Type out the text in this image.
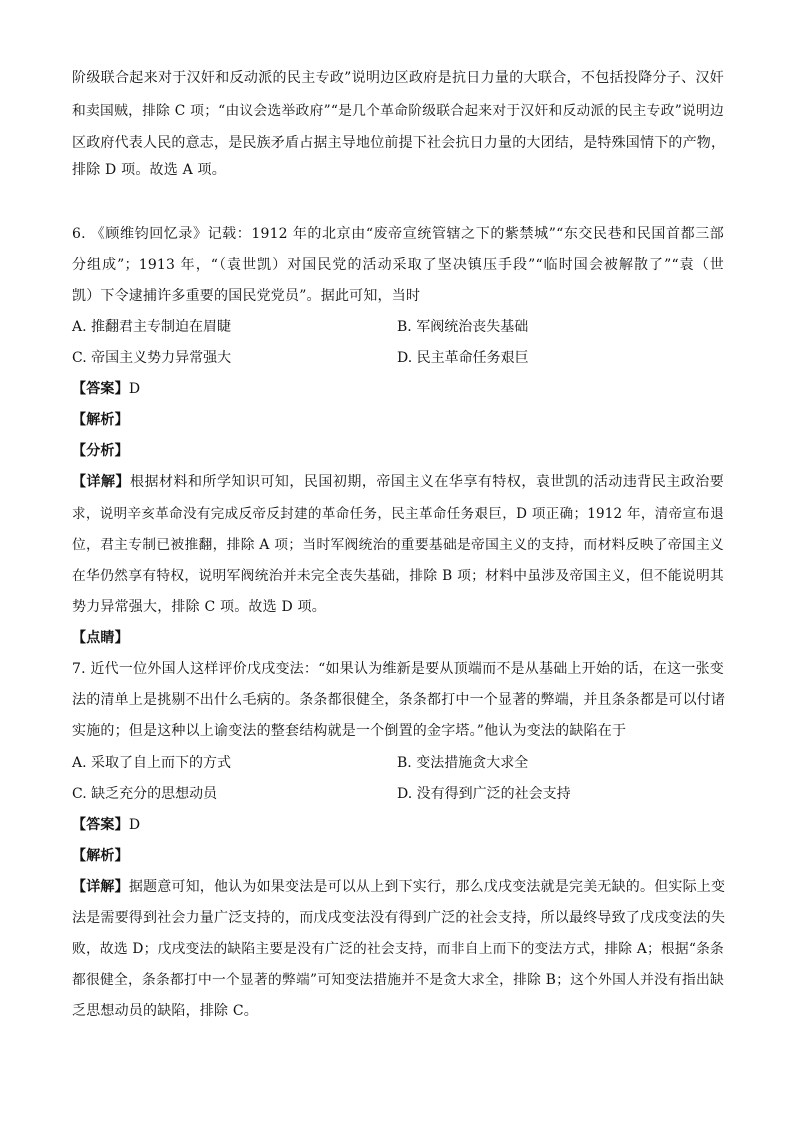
阶级联合起来对于汉奸和反动派的民主专政”说明边区政府是抗日力量的大联合，不包括投降分子、汉奸
和卖国贼，排除 C 项；“由议会选举政府”“是几个革命阶级联合起来对于汉奸和反动派的民主专政”说明边
区政府代表人民的意志，是民族矛盾占据主导地位前提下社会抗日力量的大团结，是特殊国情下的产物，
排除 D 项。故选 A 项。
6. 《顾维钧回忆录》记载：1912 年的北京由“废帝宣统管辖之下的紫禁城”“东交民巷和民国首都三部
分组成”；1913 年，“（袁世凯）对国民党的活动采取了坚决镇压手段”“临时国会被解散了”“袁（世
凯）下令逮捕许多重要的国民党党员”。据此可知，当时
A. 推翻君主专制迫在眉睫	B. 军阀统治丧失基础
C. 帝国主义势力异常强大	D. 民主革命任务艰巨
【答案】D
【解析】
【分析】
【详解】根据材料和所学知识可知，民国初期，帝国主义在华享有特权，袁世凯的活动违背民主政治要
求，说明辛亥革命没有完成反帝反封建的革命任务，民主革命任务艰巨，D 项正确；1912 年，清帝宣布退
位，君主专制已被推翻，排除 A 项；当时军阀统治的重要基础是帝国主义的支持，而材料反映了帝国主义
在华仍然享有特权，说明军阀统治并未完全丧失基础，排除 B 项；材料中虽涉及帝国主义，但不能说明其
势力异常强大，排除 C 项。故选 D 项。
【点睛】
7. 近代一位外国人这样评价戊戌变法：“如果认为维新是要从顶端而不是从基础上开始的话，在这一张变
法的清单上是挑剔不出什么毛病的。条条都很健全，条条都打中一个显著的弊端，并且条条都是可以付诸
实施的；但是这种以上谕变法的整套结构就是一个倒置的金字塔。”他认为变法的缺陷在于
A. 采取了自上而下的方式	B. 变法措施贪大求全
C. 缺乏充分的思想动员	D. 没有得到广泛的社会支持
【答案】D
【解析】
【详解】据题意可知，他认为如果变法是可以从上到下实行，那么戊戌变法就是完美无缺的。但实际上变
法是需要得到社会力量广泛支持的，而戊戌变法没有得到广泛的社会支持，所以最终导致了戊戌变法的失
败，故选 D；戊戌变法的缺陷主要是没有广泛的社会支持，而非自上而下的变法方式，排除 A；根据“条条
都很健全，条条都打中一个显著的弊端”可知变法措施并不是贪大求全，排除 B；这个外国人并没有指出缺
乏思想动员的缺陷，排除 C。
